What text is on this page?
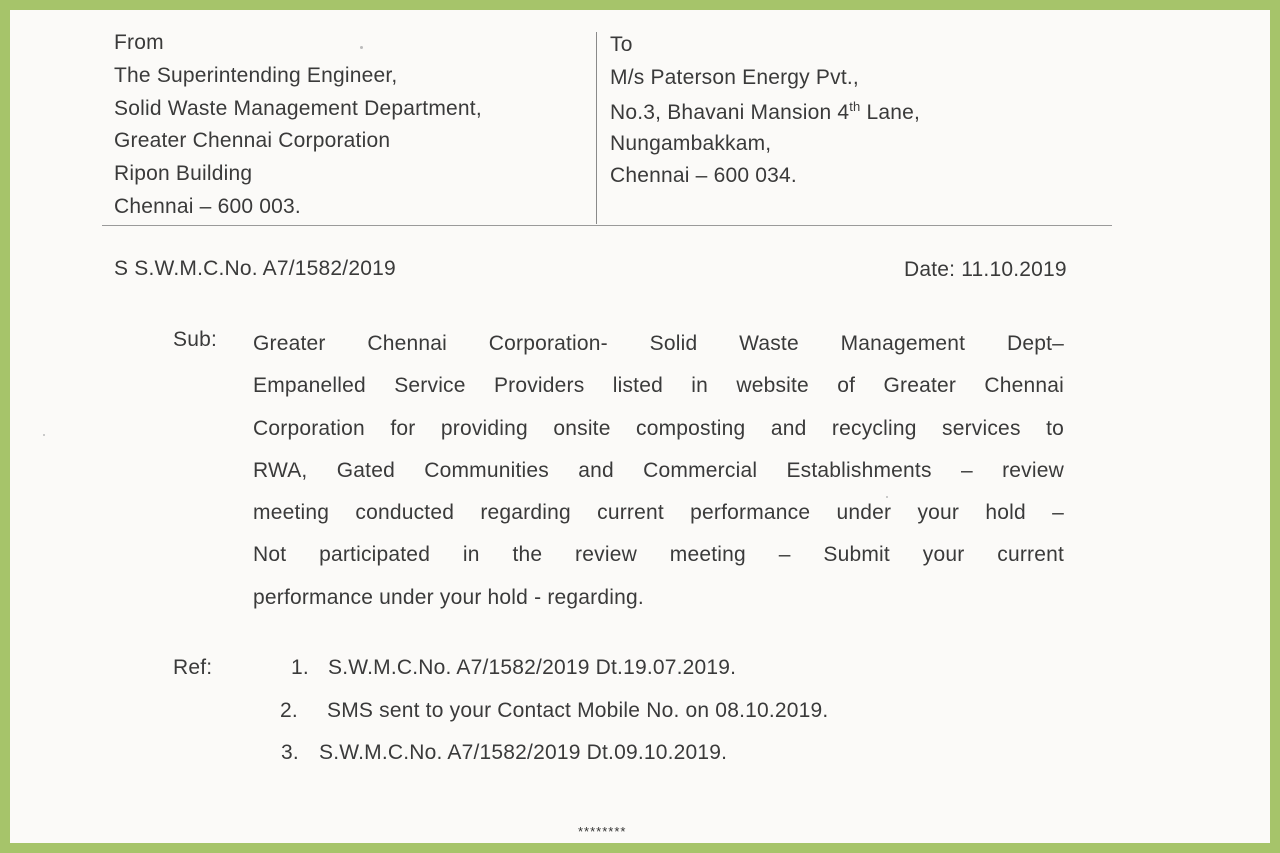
From
The Superintending Engineer,
Solid Waste Management Department,
Greater Chennai Corporation
Ripon Building
Chennai – 600 003.
To
M/s Paterson Energy Pvt.,
No.3, Bhavani Mansion 4th Lane,
Nungambakkam,
Chennai – 600 034.
S S.W.M.C.No. A7/1582/2019	Date: 11.10.2019
Sub: Greater Chennai Corporation- Solid Waste Management Dept–
Empanelled Service Providers listed in website of Greater Chennai
Corporation for providing onsite composting and recycling services to
RWA, Gated Communities and Commercial Establishments – review
meeting conducted regarding current performance under your hold –
Not participated in the review meeting – Submit your current
performance under your hold - regarding.
Ref:	1. S.W.M.C.No. A7/1582/2019 Dt.19.07.2019.
2. SMS sent to your Contact Mobile No. on 08.10.2019.
3. S.W.M.C.No. A7/1582/2019 Dt.09.10.2019.
********
